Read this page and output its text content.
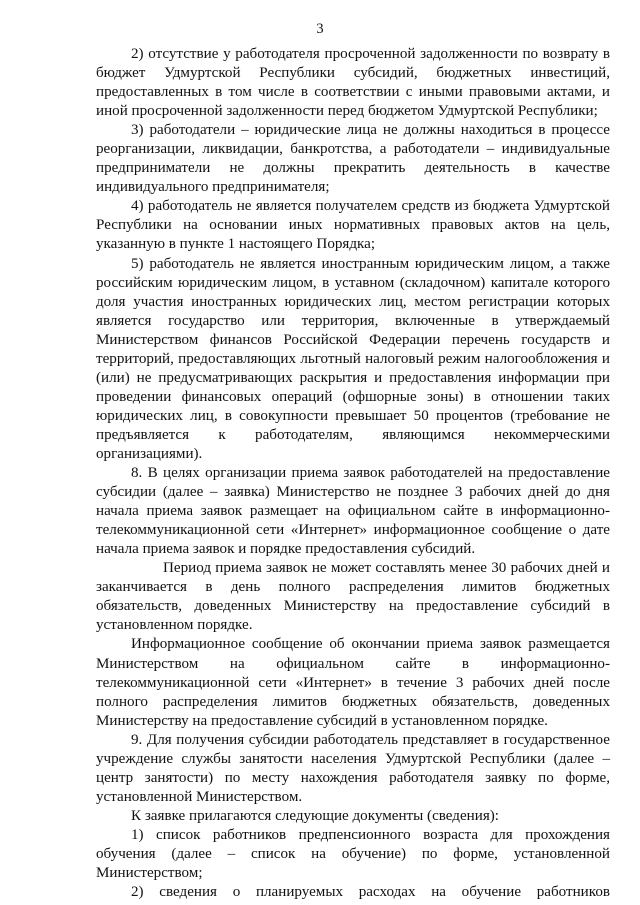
3

2) отсутствие у работодателя просроченной задолженности по возврату в бюджет Удмуртской Республики субсидий, бюджетных инвестиций, предоставленных в том числе в соответствии с иными правовыми актами, и иной просроченной задолженности перед бюджетом Удмуртской Республики;

3) работодатели – юридические лица не должны находиться в процессе реорганизации, ликвидации, банкротства, а работодатели – индивидуальные предприниматели не должны прекратить деятельность в качестве индивидуального предпринимателя;

4) работодатель не является получателем средств из бюджета Удмуртской Республики на основании иных нормативных правовых актов на цель, указанную в пункте 1 настоящего Порядка;

5) работодатель не является иностранным юридическим лицом, а также российским юридическим лицом, в уставном (складочном) капитале которого доля участия иностранных юридических лиц, местом регистрации которых является государство или территория, включенные в утверждаемый Министерством финансов Российской Федерации перечень государств и территорий, предоставляющих льготный налоговый режим налогообложения и (или) не предусматривающих раскрытия и предоставления информации при проведении финансовых операций (офшорные зоны) в отношении таких юридических лиц, в совокупности превышает 50 процентов (требование не предъявляется к работодателям, являющимся некоммерческими организациями).

8. В целях организации приема заявок работодателей на предоставление субсидии (далее – заявка) Министерство не позднее 3 рабочих дней до дня начала приема заявок размещает на официальном сайте в информационно-телекоммуникационной сети «Интернет» информационное сообщение о дате начала приема заявок и порядке предоставления субсидий.

Период приема заявок не может составлять менее 30 рабочих дней и заканчивается в день полного распределения лимитов бюджетных обязательств, доведенных Министерству на предоставление субсидий в установленном порядке.

Информационное сообщение об окончании приема заявок размещается Министерством на официальном сайте в информационно-телекоммуникационной сети «Интернет» в течение 3 рабочих дней после полного распределения лимитов бюджетных обязательств, доведенных Министерству на предоставление субсидий в установленном порядке.

9. Для получения субсидии работодатель представляет в государственное учреждение службы занятости населения Удмуртской Республики (далее – центр занятости) по месту нахождения работодателя заявку по форме, установленной Министерством.

К заявке прилагаются следующие документы (сведения):

1) список работников предпенсионного возраста для прохождения обучения (далее – список на обучение) по форме, установленной Министерством;

2) сведения о планируемых расходах на обучение работников
